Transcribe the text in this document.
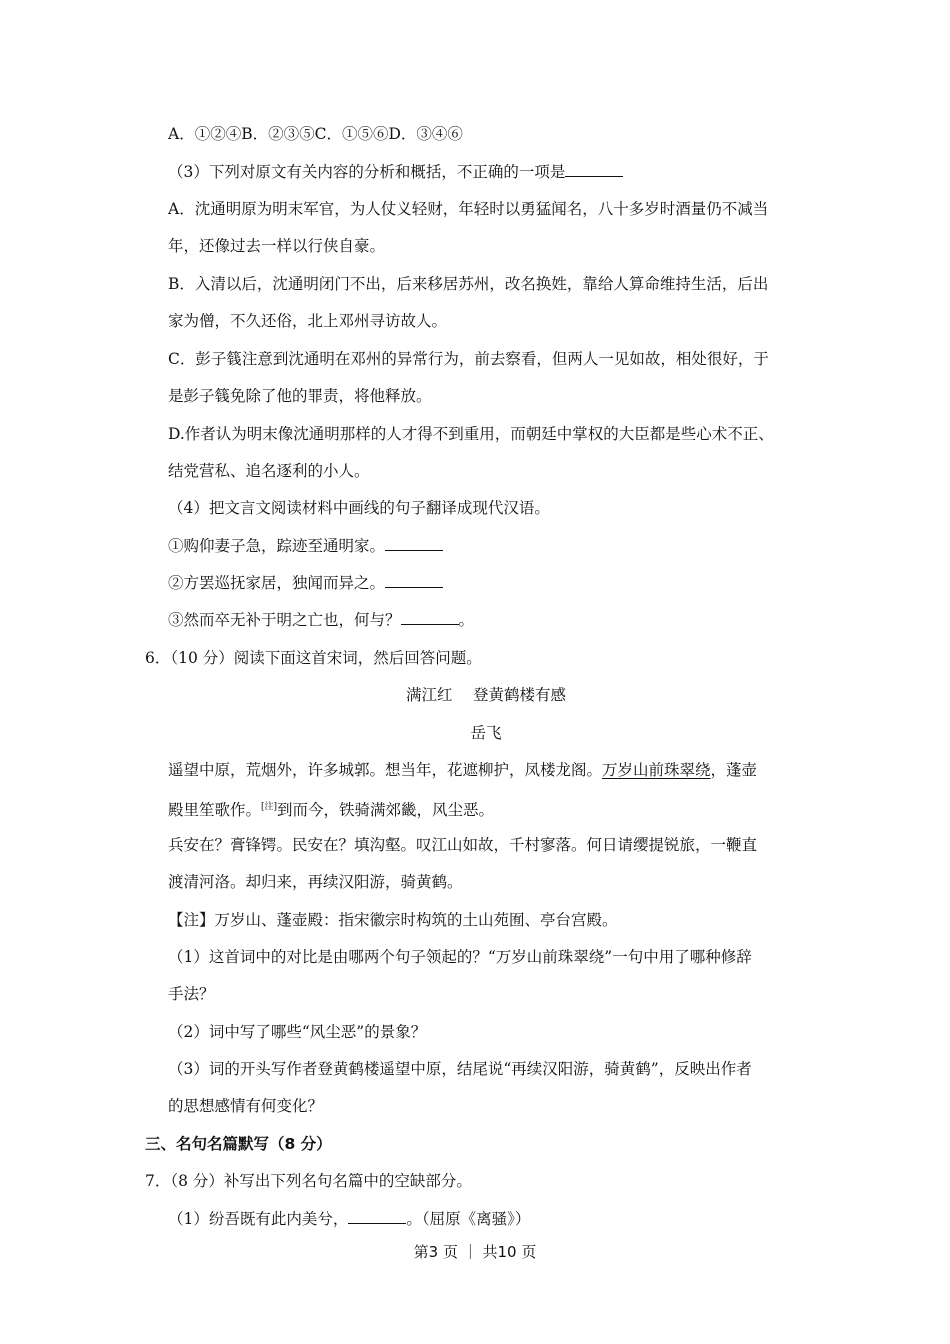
A．①②④B．②③⑤C．①⑤⑥D．③④⑥
（3）下列对原文有关内容的分析和概括，不正确的一项是
A．沈通明原为明末军官，为人仗义轻财，年轻时以勇猛闻名，八十多岁时酒量仍不减当
年，还像过去一样以行侠自豪。
B．入清以后，沈通明闭门不出，后来移居苏州，改名换姓，靠给人算命维持生活，后出
家为僧，不久还俗，北上邓州寻访故人。
C．彭子篯注意到沈通明在邓州的异常行为，前去察看，但两人一见如故，相处很好，于
是彭子篯免除了他的罪责，将他释放。
D.作者认为明末像沈通明那样的人才得不到重用，而朝廷中掌权的大臣都是些心术不正、
结党营私、追名逐利的小人。
（4）把文言文阅读材料中画线的句子翻译成现代汉语。
①购仰妻子急，踪迹至通明家。
②方罢巡抚家居，独闻而异之。
③然而卒无补于明之亡也，何与？	。
6．（10 分）阅读下面这首宋词，然后回答问题。
满江红　 登黄鹤楼有感
岳飞
遥望中原，荒烟外，许多城郭。想当年，花遮柳护，凤楼龙阁。万岁山前珠翠绕，蓬壶
殿里笙歌作。[注]到而今，铁骑满郊畿，风尘恶。
兵安在？膏锋锷。民安在？填沟壑。叹江山如故，千村寥落。何日请缨提锐旅，一鞭直
渡清河洛。却归来，再续汉阳游，骑黄鹤。
【注】万岁山、蓬壶殿：指宋徽宗时构筑的土山苑囿、亭台宫殿。
（1）这首词中的对比是由哪两个句子领起的？“万岁山前珠翠绕”一句中用了哪种修辞
手法？
（2）词中写了哪些“风尘恶”的景象？
（3）词的开头写作者登黄鹤楼遥望中原，结尾说“再续汉阳游，骑黄鹤”，反映出作者
的思想感情有何变化？
三、名句名篇默写（8 分）
7．（8 分）补写出下列名句名篇中的空缺部分。
（1）纷吾既有此内美兮，	。（屈原《离骚》）
第3 页 ｜ 共10 页
